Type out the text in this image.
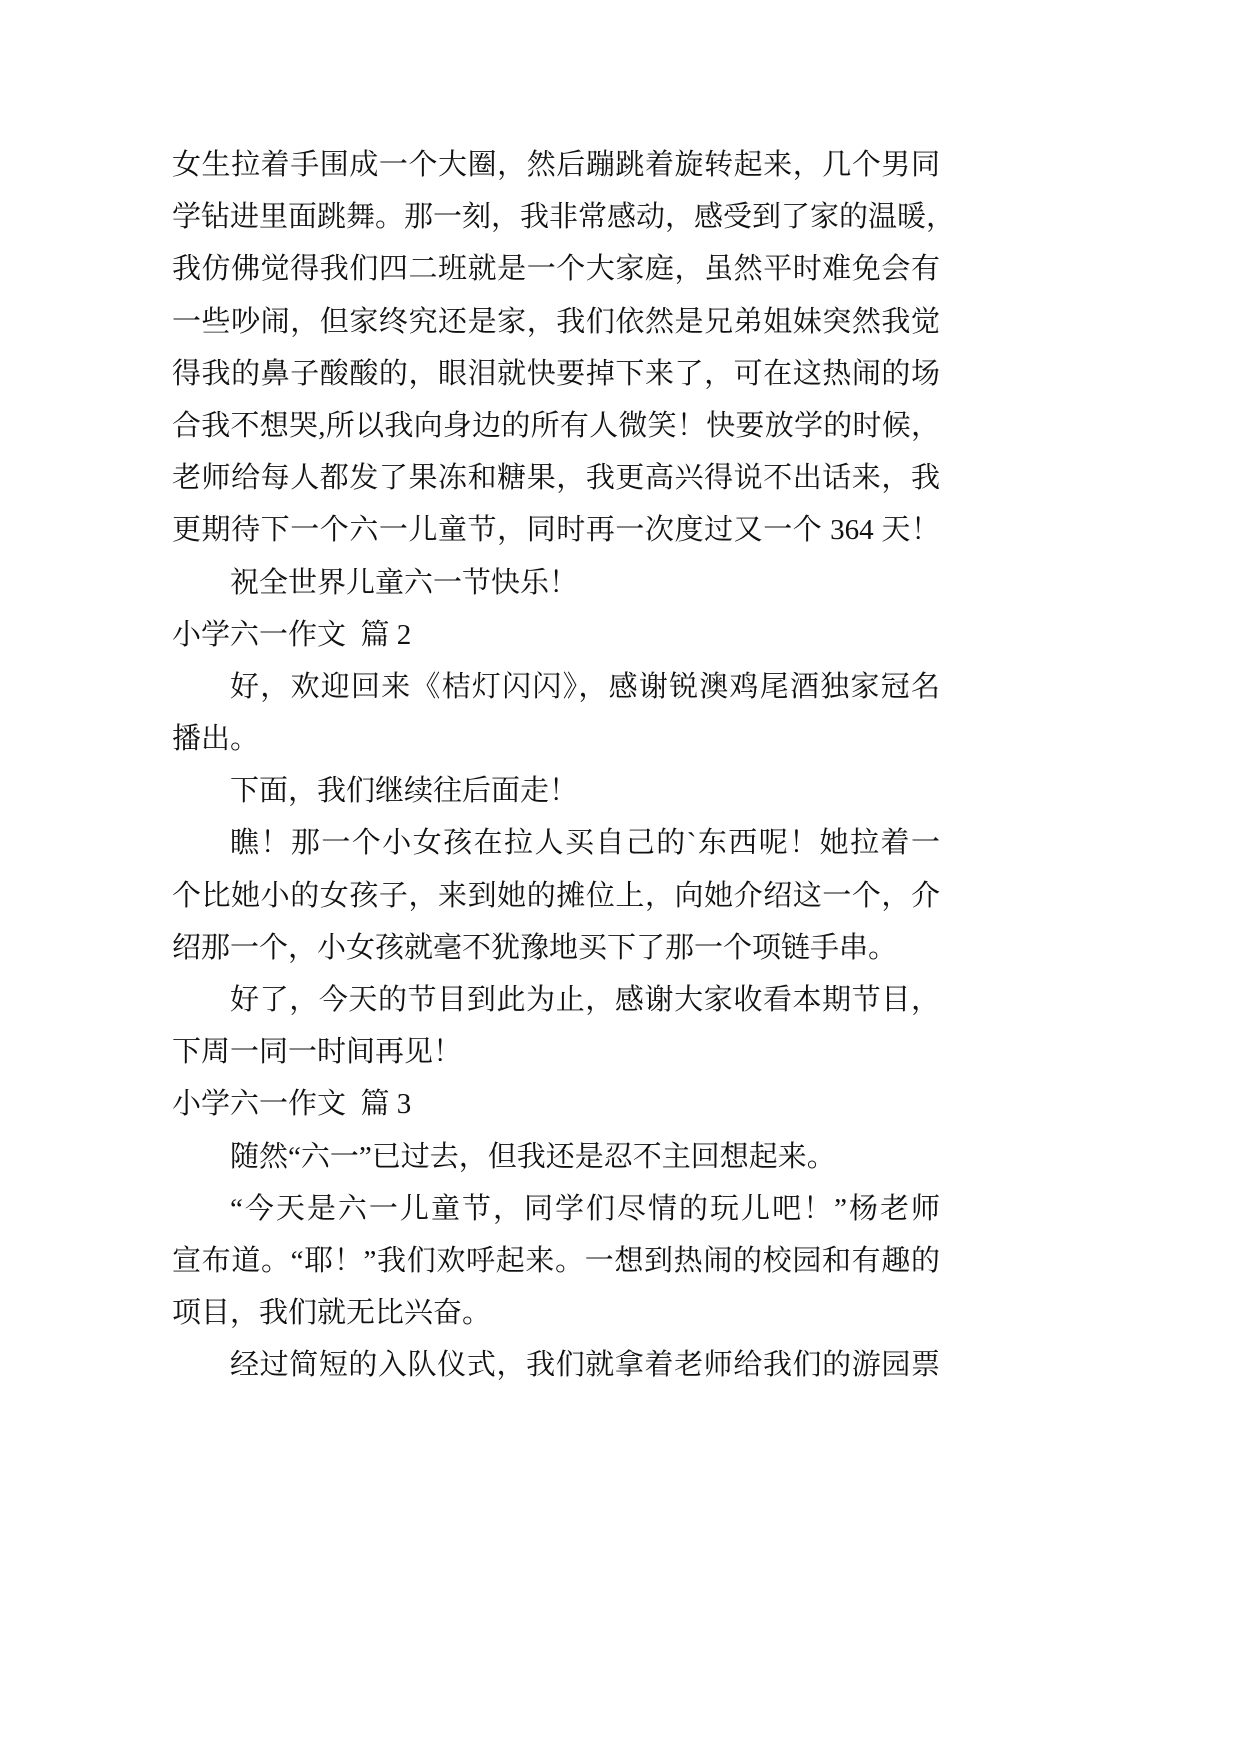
女生拉着手围成一个大圈，然后蹦跳着旋转起来，几个男同
学钻进里面跳舞。那一刻，我非常感动，感受到了家的温暖，
我仿佛觉得我们四二班就是一个大家庭，虽然平时难免会有
一些吵闹，但家终究还是家，我们依然是兄弟姐妹突然我觉
得我的鼻子酸酸的，眼泪就快要掉下来了，可在这热闹的场
合我不想哭,所以我向身边的所有人微笑！快要放学的时候，
老师给每人都发了果冻和糖果，我更高兴得说不出话来，我
更期待下一个六一儿童节，同时再一次度过又一个 364 天！
祝全世界儿童六一节快乐！
小学六一作文  篇 2
好，欢迎回来《桔灯闪闪》，感谢锐澳鸡尾酒独家冠名
播出。
下面，我们继续往后面走！
瞧！那一个小女孩在拉人买自己的`东西呢！她拉着一
个比她小的女孩子，来到她的摊位上，向她介绍这一个，介
绍那一个，小女孩就毫不犹豫地买下了那一个项链手串。
好了，今天的节目到此为止，感谢大家收看本期节目，
下周一同一时间再见！
小学六一作文  篇 3
随然“六一”已过去，但我还是忍不主回想起来。
“今天是六一儿童节，同学们尽情的玩儿吧！”杨老师
宣布道。“耶！”我们欢呼起来。一想到热闹的校园和有趣的
项目，我们就无比兴奋。
经过简短的入队仪式，我们就拿着老师给我们的游园票
